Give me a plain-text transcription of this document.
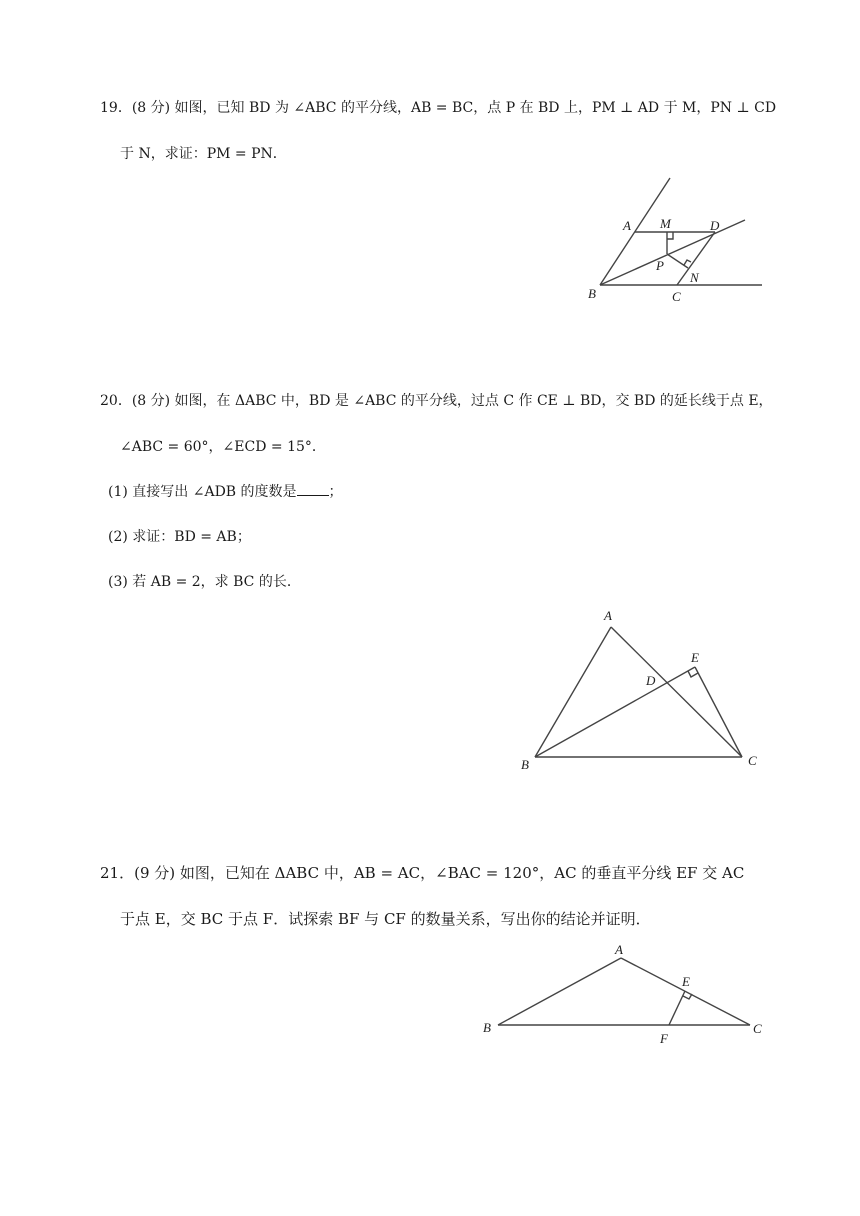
19．(8 分) 如图，已知 BD 为 ∠ABC 的平分线，AB = BC，点 P 在 BD 上，PM ⊥ AD 于 M，PN ⊥ CD
于 N，求证：PM = PN．
A M	D
P
N
B	C
20．(8 分) 如图，在 ΔABC 中，BD 是 ∠ABC 的平分线，过点 C 作 CE ⊥ BD，交 BD 的延长线于点 E，
∠ABC = 60°，∠ECD = 15°．
(1) 直接写出 ∠ADB 的度数是 ；
(2) 求证：BD = AB；
(3) 若 AB = 2，求 BC 的长．
A
E
D
B	C
21．(9 分) 如图，已知在 ΔABC 中，AB = AC，∠BAC = 120°，AC 的垂直平分线 EF 交 AC
于点 E，交 BC 于点 F．试探索 BF 与 CF 的数量关系，写出你的结论并证明．
A
E
B
F
C
